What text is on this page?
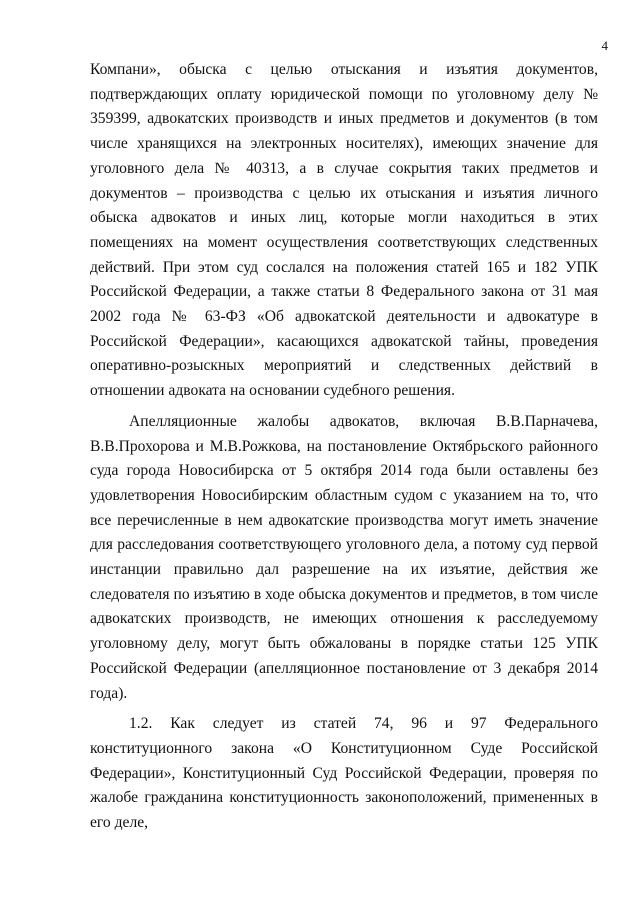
4

Компани», обыска с целью отыскания и изъятия документов, подтверждающих оплату юридической помощи по уголовному делу № 359399, адвокатских производств и иных предметов и документов (в том числе хранящихся на электронных носителях), имеющих значение для уголовного дела № 40313, а в случае сокрытия таких предметов и документов – производства с целью их отыскания и изъятия личного обыска адвокатов и иных лиц, которые могли находиться в этих помещениях на момент осуществления соответствующих следственных действий. При этом суд сослался на положения статей 165 и 182 УПК Российской Федерации, а также статьи 8 Федерального закона от 31 мая 2002 года № 63-ФЗ «Об адвокатской деятельности и адвокатуре в Российской Федерации», касающихся адвокатской тайны, проведения оперативно-розыскных мероприятий и следственных действий в отношении адвоката на основании судебного решения.

Апелляционные жалобы адвокатов, включая В.В.Парначева, В.В.Прохорова и М.В.Рожкова, на постановление Октябрьского районного суда города Новосибирска от 5 октября 2014 года были оставлены без удовлетворения Новосибирским областным судом с указанием на то, что все перечисленные в нем адвокатские производства могут иметь значение для расследования соответствующего уголовного дела, а потому суд первой инстанции правильно дал разрешение на их изъятие, действия же следователя по изъятию в ходе обыска документов и предметов, в том числе адвокатских производств, не имеющих отношения к расследуемому уголовному делу, могут быть обжалованы в порядке статьи 125 УПК Российской Федерации (апелляционное постановление от 3 декабря 2014 года).

1.2. Как следует из статей 74, 96 и 97 Федерального конституционного закона «О Конституционном Суде Российской Федерации», Конституционный Суд Российской Федерации, проверяя по жалобе гражданина конституционность законоположений, примененных в его деле,
